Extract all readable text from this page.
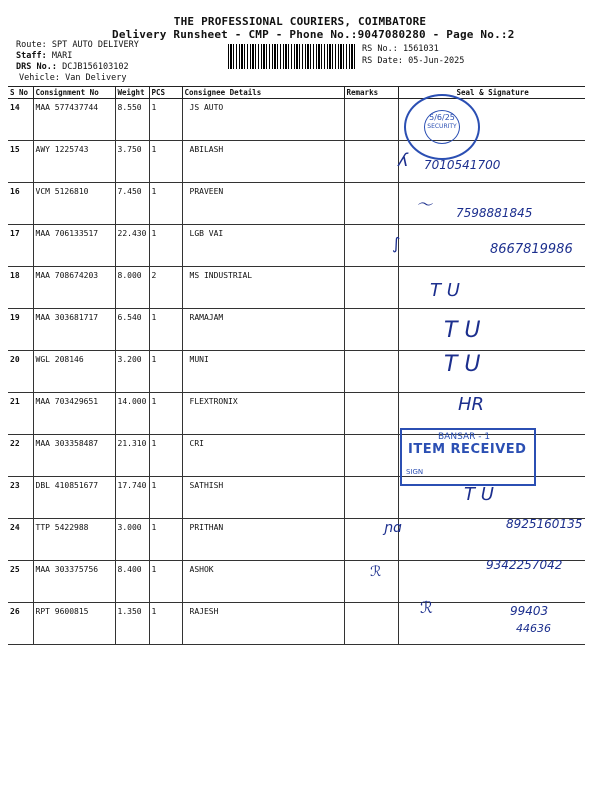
THE PROFESSIONAL COURIERS, COIMBATORE
Delivery Runsheet - CMP - Phone No.:9047080280 - Page No.:2
Route: SPT AUTO DELIVERY
Staff: MARI
DRS No.: DCJB156103102
Vehicle: Van Delivery
RS No.: 1561031
RS Date: 05-Jun-2025
S No	Consignment No	Weight	PCS	Consignee Details	Remarks	Seal & Signature
14	MAA 577437744	8.550	1	JS AUTO		
15	AWY 1225743	3.750	1	ABILASH		
16	VCM 5126810	7.450	1	PRAVEEN		
17	MAA 706133517	22.430	1	LGB VAI		
18	MAA 708674203	8.000	2	MS INDUSTRIAL		
19	MAA 303681717	6.540	1	RAMAJAM		
20	WGL 208146	3.200	1	MUNI		
21	MAA 703429651	14.000	1	FLEXTRONIX		
22	MAA 303358487	21.310	1	CRI		
23	DBL 410851677	17.740	1	SATHISH		
24	TTP 5422988	3.000	1	PRITHAN		
25	MAA 303375756	8.400	1	ASHOK		
26	RPT 9600815	1.350	1	RAJESH		
5/6/25
SECURITY
BANSAR - 1
ITEM RECEIVED
SIGN
ʎ 7010541700
〜 7598881845
∫	8667819986
T U
T U
T U
HR
T U
ɲɑ	8925160135
ℛ	9342257042
ℛ	99403
44636
